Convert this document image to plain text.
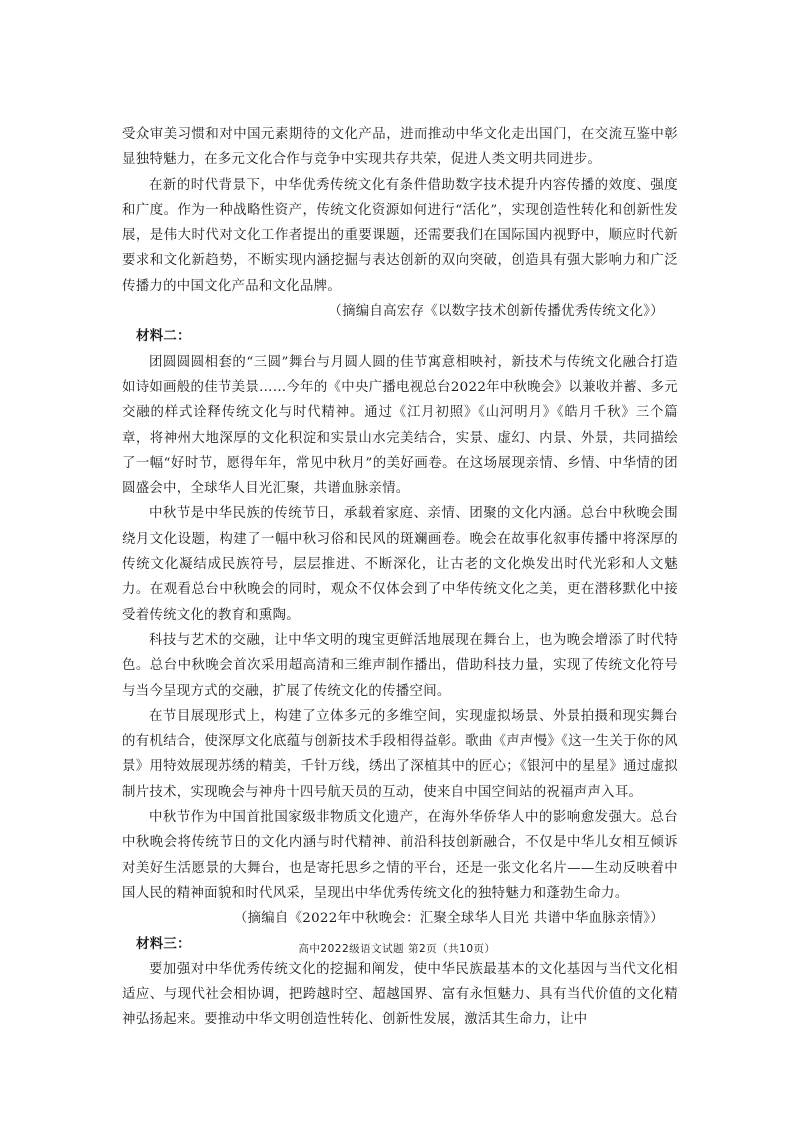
受众审美习惯和对中国元素期待的文化产品，进而推动中华文化走出国门，在交流互鉴中彰显独特魅力，在多元文化合作与竞争中实现共存共荣，促进人类文明共同进步。

在新的时代背景下，中华优秀传统文化有条件借助数字技术提升内容传播的效度、强度和广度。作为一种战略性资产，传统文化资源如何进行“活化”，实现创造性转化和创新性发展，是伟大时代对文化工作者提出的重要课题，还需要我们在国际国内视野中，顺应时代新要求和文化新趋势，不断实现内涵挖掘与表达创新的双向突破，创造具有强大影响力和广泛传播力的中国文化产品和文化品牌。

（摘编自高宏存《以数字技术创新传播优秀传统文化》）

材料二：

团圆圆圆相套的“三圆”舞台与月圆人圆的佳节寓意相映衬，新技术与传统文化融合打造如诗如画般的佳节美景……今年的《中央广播电视总台2022年中秋晚会》以兼收并蓄、多元交融的样式诠释传统文化与时代精神。通过《江月初照》《山河明月》《皓月千秋》三个篇章，将神州大地深厚的文化积淀和实景山水完美结合，实景、虚幻、内景、外景，共同描绘了一幅“好时节，愿得年年，常见中秋月”的美好画卷。在这场展现亲情、乡情、中华情的团圆盛会中，全球华人目光汇聚，共谱血脉亲情。

中秋节是中华民族的传统节日，承载着家庭、亲情、团聚的文化内涵。总台中秋晚会围绕月文化设题，构建了一幅中秋习俗和民风的斑斓画卷。晚会在故事化叙事传播中将深厚的传统文化凝结成民族符号，层层推进、不断深化，让古老的文化焕发出时代光彩和人文魅力。在观看总台中秋晚会的同时，观众不仅体会到了中华传统文化之美，更在潜移默化中接受着传统文化的教育和熏陶。

科技与艺术的交融，让中华文明的瑰宝更鲜活地展现在舞台上，也为晚会增添了时代特色。总台中秋晚会首次采用超高清和三维声制作播出，借助科技力量，实现了传统文化符号与当今呈现方式的交融，扩展了传统文化的传播空间。

在节目展现形式上，构建了立体多元的多维空间，实现虚拟场景、外景拍摄和现实舞台的有机结合，使深厚文化底蕴与创新技术手段相得益彰。歌曲《声声慢》《这一生关于你的风景》用特效展现苏绣的精美，千针万线，绣出了深植其中的匠心；《银河中的星星》通过虚拟制片技术，实现晚会与神舟十四号航天员的互动，使来自中国空间站的祝福声声入耳。

中秋节作为中国首批国家级非物质文化遗产，在海外华侨华人中的影响愈发强大。总台中秋晚会将传统节日的文化内涵与时代精神、前沿科技创新融合，不仅是中华儿女相互倾诉对美好生活愿景的大舞台，也是寄托思乡之情的平台，还是一张文化名片——生动反映着中国人民的精神面貌和时代风采，呈现出中华优秀传统文化的独特魅力和蓬勃生命力。

（摘编自《2022年中秋晚会：汇聚全球华人目光 共谱中华血脉亲情》）

材料三：

要加强对中华优秀传统文化的挖掘和阐发，使中华民族最基本的文化基因与当代文化相适应、与现代社会相协调，把跨越时空、超越国界、富有永恒魅力、具有当代价值的文化精神弘扬起来。要推动中华文明创造性转化、创新性发展，激活其生命力，让中

高中2022级语文试题 第2页（共10页）
